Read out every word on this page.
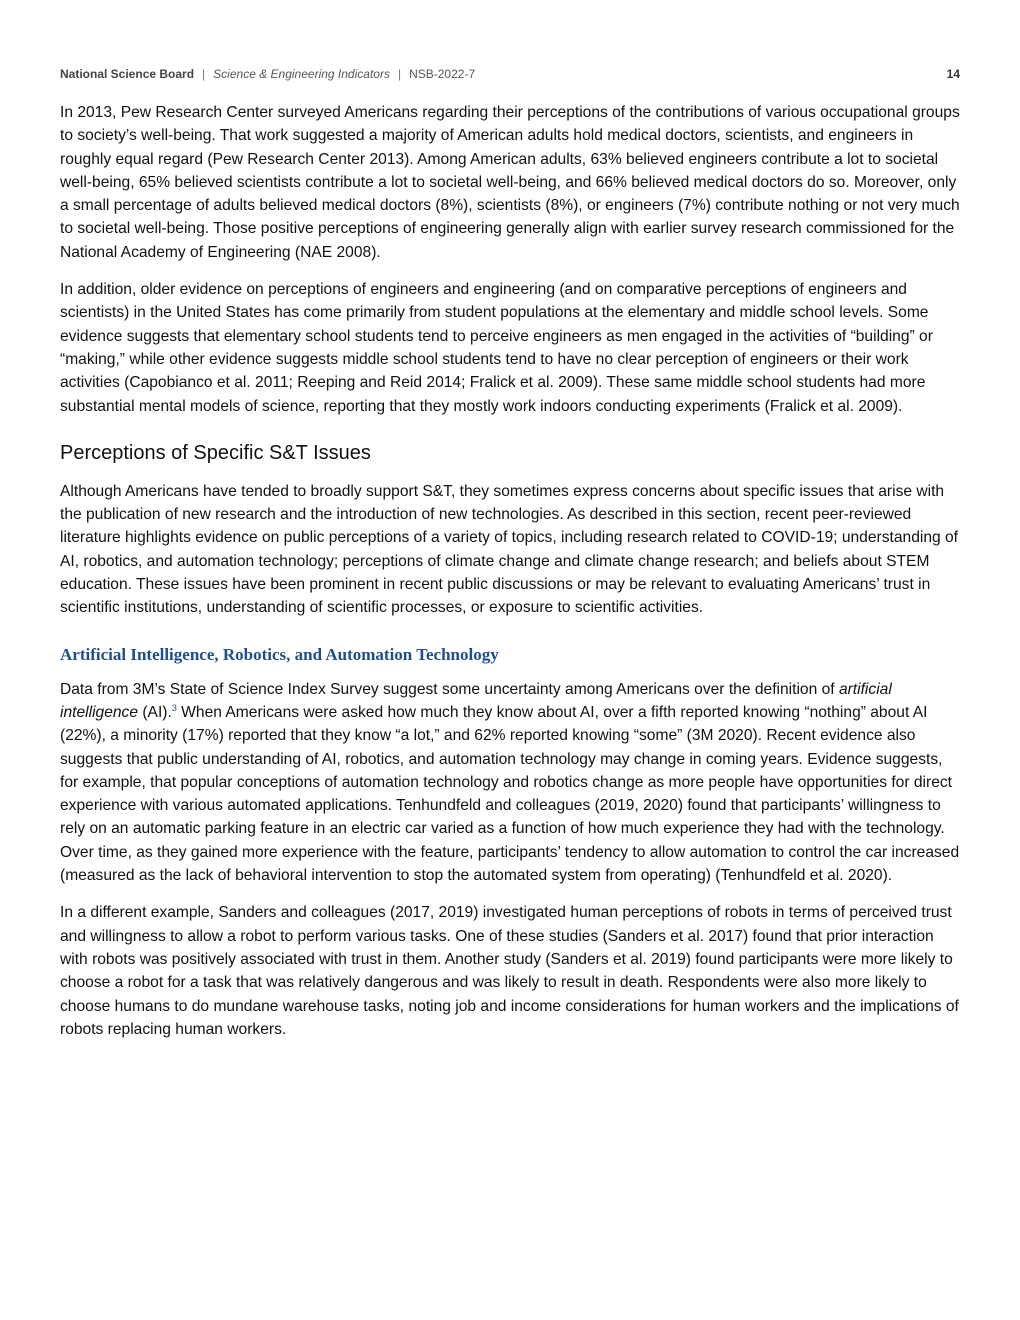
National Science Board | Science & Engineering Indicators | NSB-2022-7	14

In 2013, Pew Research Center surveyed Americans regarding their perceptions of the contributions of various occupational groups to society’s well-being. That work suggested a majority of American adults hold medical doctors, scientists, and engineers in roughly equal regard (Pew Research Center 2013). Among American adults, 63% believed engineers contribute a lot to societal well-being, 65% believed scientists contribute a lot to societal well-being, and 66% believed medical doctors do so. Moreover, only a small percentage of adults believed medical doctors (8%), scientists (8%), or engineers (7%) contribute nothing or not very much to societal well-being. Those positive perceptions of engineering generally align with earlier survey research commissioned for the National Academy of Engineering (NAE 2008).

In addition, older evidence on perceptions of engineers and engineering (and on comparative perceptions of engineers and scientists) in the United States has come primarily from student populations at the elementary and middle school levels. Some evidence suggests that elementary school students tend to perceive engineers as men engaged in the activities of “building” or “making,” while other evidence suggests middle school students tend to have no clear perception of engineers or their work activities (Capobianco et al. 2011; Reeping and Reid 2014; Fralick et al. 2009). These same middle school students had more substantial mental models of science, reporting that they mostly work indoors conducting experiments (Fralick et al. 2009).

Perceptions of Specific S&T Issues

Although Americans have tended to broadly support S&T, they sometimes express concerns about specific issues that arise with the publication of new research and the introduction of new technologies. As described in this section, recent peer-reviewed literature highlights evidence on public perceptions of a variety of topics, including research related to COVID-19; understanding of AI, robotics, and automation technology; perceptions of climate change and climate change research; and beliefs about STEM education. These issues have been prominent in recent public discussions or may be relevant to evaluating Americans’ trust in scientific institutions, understanding of scientific processes, or exposure to scientific activities.

Artificial Intelligence, Robotics, and Automation Technology

Data from 3M’s State of Science Index Survey suggest some uncertainty among Americans over the definition of artificial intelligence (AI).$^3$ When Americans were asked how much they know about AI, over a fifth reported knowing “nothing” about AI (22%), a minority (17%) reported that they know “a lot,” and 62% reported knowing “some” (3M 2020). Recent evidence also suggests that public understanding of AI, robotics, and automation technology may change in coming years. Evidence suggests, for example, that popular conceptions of automation technology and robotics change as more people have opportunities for direct experience with various automated applications. Tenhundfeld and colleagues (2019, 2020) found that participants’ willingness to rely on an automatic parking feature in an electric car varied as a function of how much experience they had with the technology. Over time, as they gained more experience with the feature, participants’ tendency to allow automation to control the car increased (measured as the lack of behavioral intervention to stop the automated system from operating) (Tenhundfeld et al. 2020).

In a different example, Sanders and colleagues (2017, 2019) investigated human perceptions of robots in terms of perceived trust and willingness to allow a robot to perform various tasks. One of these studies (Sanders et al. 2017) found that prior interaction with robots was positively associated with trust in them. Another study (Sanders et al. 2019) found participants were more likely to choose a robot for a task that was relatively dangerous and was likely to result in death. Respondents were also more likely to choose humans to do mundane warehouse tasks, noting job and income considerations for human workers and the implications of robots replacing human workers.
